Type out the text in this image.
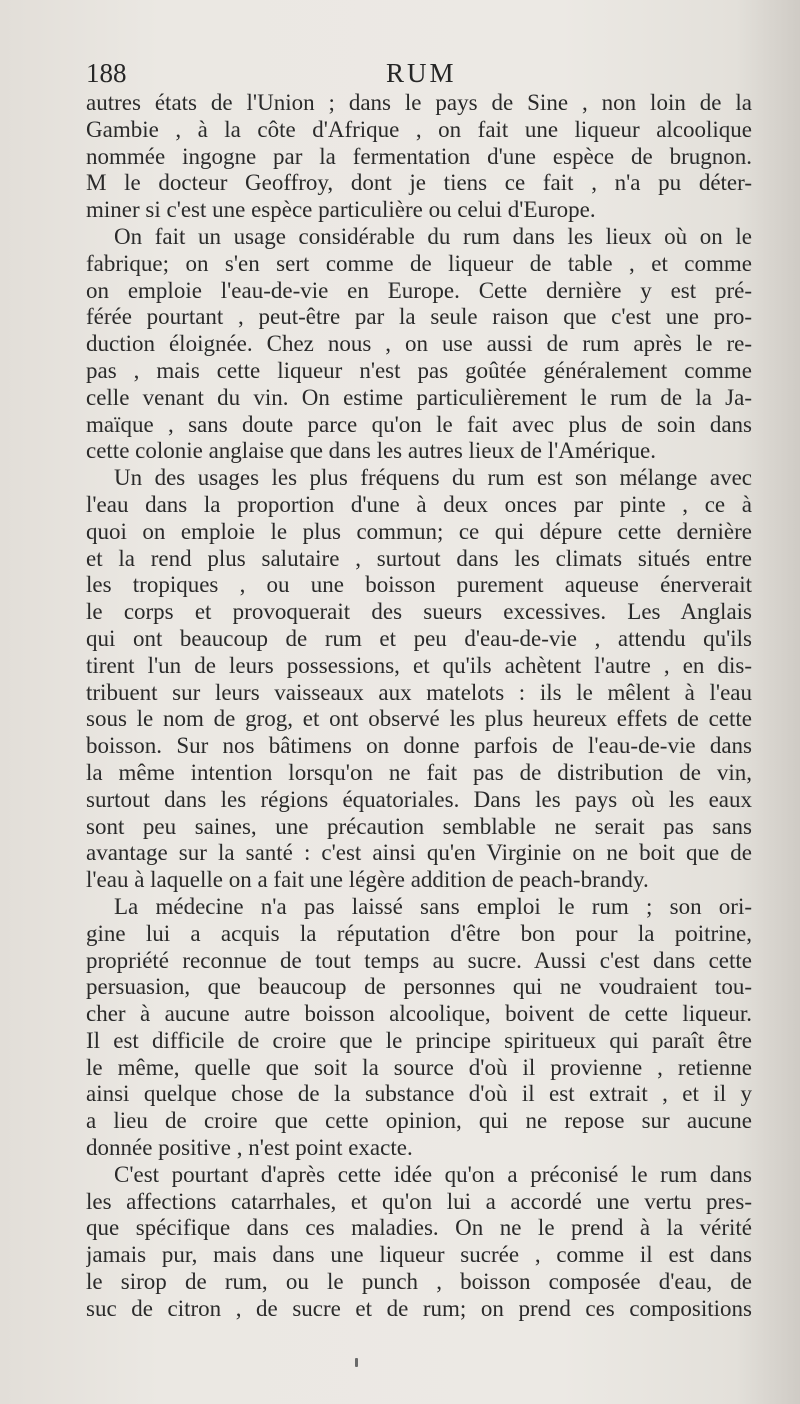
188	RUM
autres états de l'Union ; dans le pays de Sine , non loin de la
Gambie , à la côte d'Afrique , on fait une liqueur alcoolique
nommée ingogne par la fermentation d'une espèce de brugnon.
M le docteur Geoffroy, dont je tiens ce fait , n'a pu déter-
miner si c'est une espèce particulière ou celui d'Europe.
On fait un usage considérable du rum dans les lieux où on le
fabrique; on s'en sert comme de liqueur de table , et comme
on emploie l'eau-de-vie en Europe. Cette dernière y est pré-
férée pourtant , peut-être par la seule raison que c'est une pro-
duction éloignée. Chez nous , on use aussi de rum après le re-
pas , mais cette liqueur n'est pas goûtée généralement comme
celle venant du vin. On estime particulièrement le rum de la Ja-
maïque , sans doute parce qu'on le fait avec plus de soin dans
cette colonie anglaise que dans les autres lieux de l'Amérique.
Un des usages les plus fréquens du rum est son mélange avec
l'eau dans la proportion d'une à deux onces par pinte , ce à
quoi on emploie le plus commun; ce qui dépure cette dernière
et la rend plus salutaire , surtout dans les climats situés entre
les tropiques , ou une boisson purement aqueuse énerverait
le corps et provoquerait des sueurs excessives. Les Anglais
qui ont beaucoup de rum et peu d'eau-de-vie , attendu qu'ils
tirent l'un de leurs possessions, et qu'ils achètent l'autre , en dis-
tribuent sur leurs vaisseaux aux matelots : ils le mêlent à l'eau
sous le nom de grog, et ont observé les plus heureux effets de cette
boisson. Sur nos bâtimens on donne parfois de l'eau-de-vie dans
la même intention lorsqu'on ne fait pas de distribution de vin,
surtout dans les régions équatoriales. Dans les pays où les eaux
sont peu saines, une précaution semblable ne serait pas sans
avantage sur la santé : c'est ainsi qu'en Virginie on ne boit que de
l'eau à laquelle on a fait une légère addition de peach-brandy.
La médecine n'a pas laissé sans emploi le rum ; son ori-
gine lui a acquis la réputation d'être bon pour la poitrine,
propriété reconnue de tout temps au sucre. Aussi c'est dans cette
persuasion, que beaucoup de personnes qui ne voudraient tou-
cher à aucune autre boisson alcoolique, boivent de cette liqueur.
Il est difficile de croire que le principe spiritueux qui paraît être
le même, quelle que soit la source d'où il provienne , retienne
ainsi quelque chose de la substance d'où il est extrait , et il y
a lieu de croire que cette opinion, qui ne repose sur aucune
donnée positive , n'est point exacte.
C'est pourtant d'après cette idée qu'on a préconisé le rum dans
les affections catarrhales, et qu'on lui a accordé une vertu pres-
que spécifique dans ces maladies. On ne le prend à la vérité
jamais pur, mais dans une liqueur sucrée , comme il est dans
le sirop de rum, ou le punch , boisson composée d'eau, de
suc de citron , de sucre et de rum; on prend ces compositions
